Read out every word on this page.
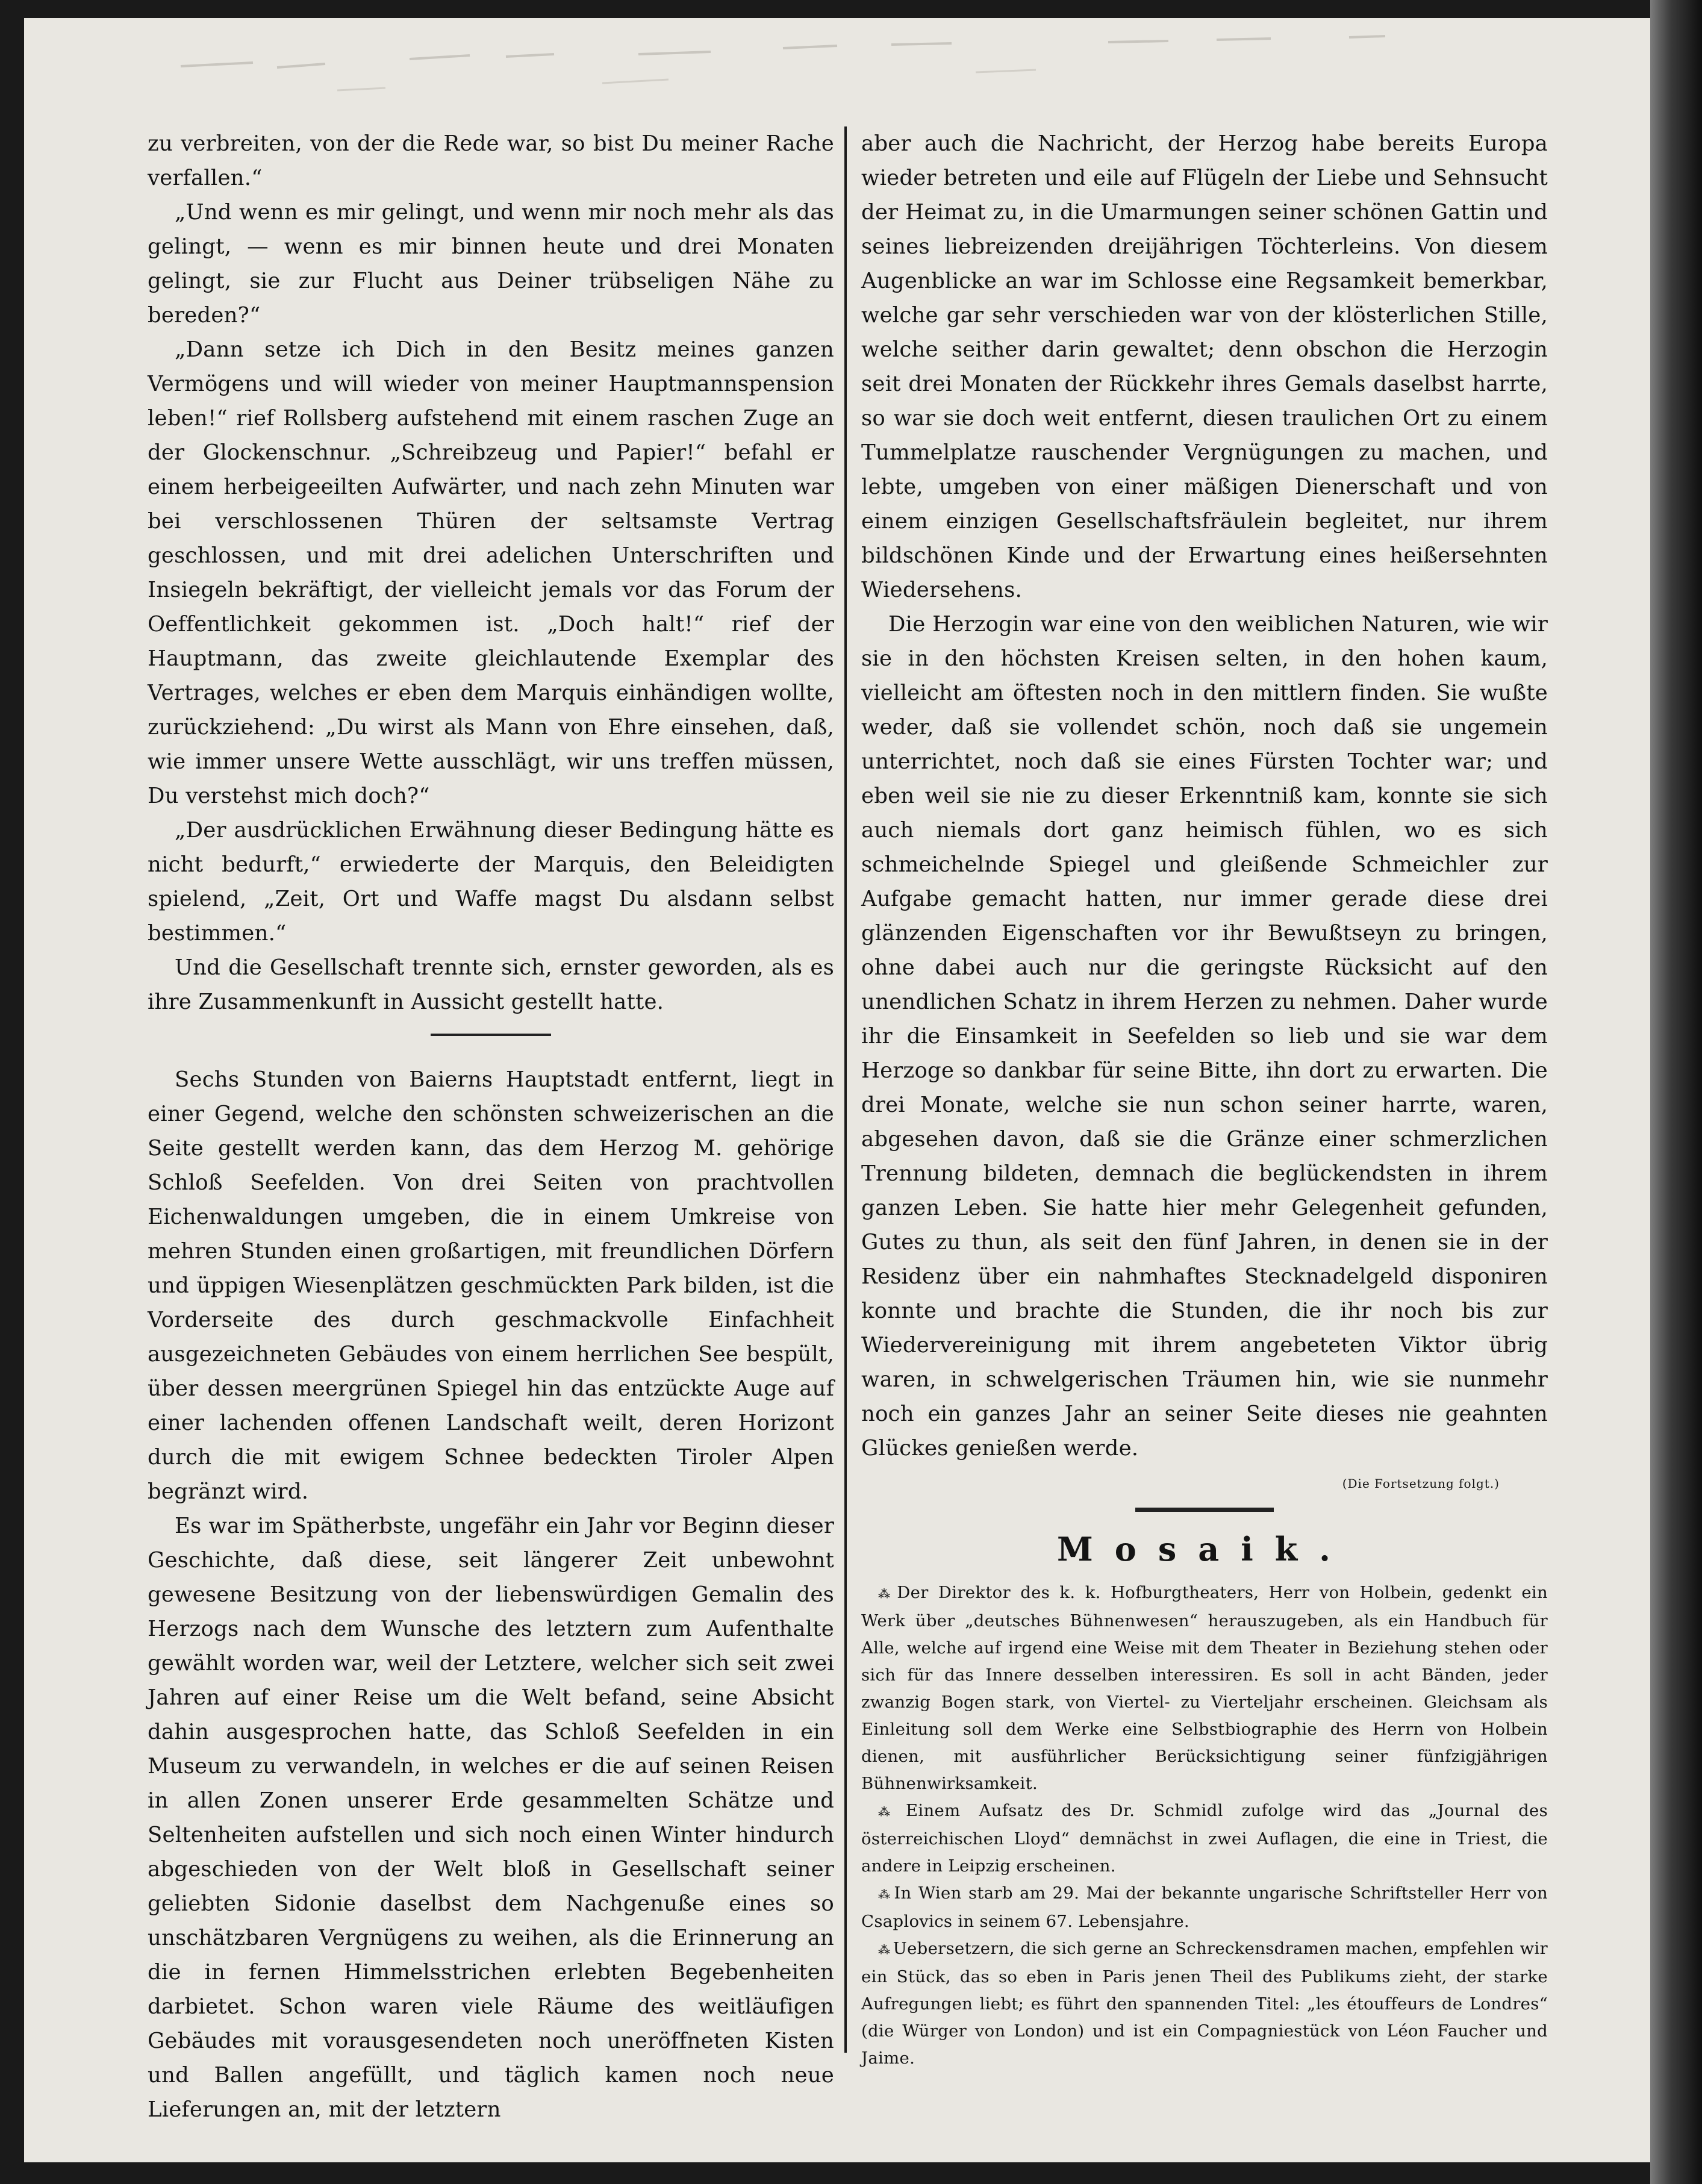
zu verbreiten, von der die Rede war, so bist Du meiner Rache verfallen.“

„Und wenn es mir gelingt, und wenn mir noch mehr als das gelingt, — wenn es mir binnen heute und drei Monaten gelingt, sie zur Flucht aus Deiner trübseligen Nähe zu bereden?“

„Dann setze ich Dich in den Besitz meines ganzen Vermögens und will wieder von meiner Hauptmannspension leben!“ rief Rollsberg aufstehend mit einem raschen Zuge an der Glockenschnur. „Schreibzeug und Papier!“ befahl er einem herbeigeeilten Aufwärter, und nach zehn Minuten war bei verschlossenen Thüren der seltsamste Vertrag geschlossen, und mit drei adelichen Unterschriften und Insiegeln bekräftigt, der vielleicht jemals vor das Forum der Oeffentlichkeit gekommen ist. „Doch halt!“ rief der Hauptmann, das zweite gleichlautende Exemplar des Vertrages, welches er eben dem Marquis einhändigen wollte, zurückziehend: „Du wirst als Mann von Ehre einsehen, daß, wie immer unsere Wette ausschlägt, wir uns treffen müssen, Du verstehst mich doch?“

„Der ausdrücklichen Erwähnung dieser Bedingung hätte es nicht bedurft,“ erwiederte der Marquis, den Beleidigten spielend, „Zeit, Ort und Waffe magst Du alsdann selbst bestimmen.“

Und die Gesellschaft trennte sich, ernster geworden, als es ihre Zusammenkunft in Aussicht gestellt hatte.

Sechs Stunden von Baierns Hauptstadt entfernt, liegt in einer Gegend, welche den schönsten schweizerischen an die Seite gestellt werden kann, das dem Herzog M. gehörige Schloß Seefelden. Von drei Seiten von prachtvollen Eichenwaldungen umgeben, die in einem Umkreise von mehren Stunden einen großartigen, mit freundlichen Dörfern und üppigen Wiesenplätzen geschmückten Park bilden, ist die Vorderseite des durch geschmackvolle Einfachheit ausgezeichneten Gebäudes von einem herrlichen See bespült, über dessen meergrünen Spiegel hin das entzückte Auge auf einer lachenden offenen Landschaft weilt, deren Horizont durch die mit ewigem Schnee bedeckten Tiroler Alpen begränzt wird.

Es war im Spätherbste, ungefähr ein Jahr vor Beginn dieser Geschichte, daß diese, seit längerer Zeit unbewohnt gewesene Besitzung von der liebenswürdigen Gemalin des Herzogs nach dem Wunsche des letztern zum Aufenthalte gewählt worden war, weil der Letztere, welcher sich seit zwei Jahren auf einer Reise um die Welt befand, seine Absicht dahin ausgesprochen hatte, das Schloß Seefelden in ein Museum zu verwandeln, in welches er die auf seinen Reisen in allen Zonen unserer Erde gesammelten Schätze und Seltenheiten aufstellen und sich noch einen Winter hindurch abgeschieden von der Welt bloß in Gesellschaft seiner geliebten Sidonie daselbst dem Nachgenuße eines so unschätzbaren Vergnügens zu weihen, als die Erinnerung an die in fernen Himmelsstrichen erlebten Begebenheiten darbietet. Schon waren viele Räume des weitläufigen Gebäudes mit vorausgesendeten noch uneröffneten Kisten und Ballen angefüllt, und täglich kamen noch neue Lieferungen an, mit der letztern

aber auch die Nachricht, der Herzog habe bereits Europa wieder betreten und eile auf Flügeln der Liebe und Sehnsucht der Heimat zu, in die Umarmungen seiner schönen Gattin und seines liebreizenden dreijährigen Töchterleins. Von diesem Augenblicke an war im Schlosse eine Regsamkeit bemerkbar, welche gar sehr verschieden war von der klösterlichen Stille, welche seither darin gewaltet; denn obschon die Herzogin seit drei Monaten der Rückkehr ihres Gemals daselbst harrte, so war sie doch weit entfernt, diesen traulichen Ort zu einem Tummelplatze rauschender Vergnügungen zu machen, und lebte, umgeben von einer mäßigen Dienerschaft und von einem einzigen Gesellschaftsfräulein begleitet, nur ihrem bildschönen Kinde und der Erwartung eines heißersehnten Wiedersehens.

Die Herzogin war eine von den weiblichen Naturen, wie wir sie in den höchsten Kreisen selten, in den hohen kaum, vielleicht am öftesten noch in den mittlern finden. Sie wußte weder, daß sie vollendet schön, noch daß sie ungemein unterrichtet, noch daß sie eines Fürsten Tochter war; und eben weil sie nie zu dieser Erkenntniß kam, konnte sie sich auch niemals dort ganz heimisch fühlen, wo es sich schmeichelnde Spiegel und gleißende Schmeichler zur Aufgabe gemacht hatten, nur immer gerade diese drei glänzenden Eigenschaften vor ihr Bewußtseyn zu bringen, ohne dabei auch nur die geringste Rücksicht auf den unendlichen Schatz in ihrem Herzen zu nehmen. Daher wurde ihr die Einsamkeit in Seefelden so lieb und sie war dem Herzoge so dankbar für seine Bitte, ihn dort zu erwarten. Die drei Monate, welche sie nun schon seiner harrte, waren, abgesehen davon, daß sie die Gränze einer schmerzlichen Trennung bildeten, demnach die beglückendsten in ihrem ganzen Leben. Sie hatte hier mehr Gelegenheit gefunden, Gutes zu thun, als seit den fünf Jahren, in denen sie in der Residenz über ein nahmhaftes Stecknadelgeld disponiren konnte und brachte die Stunden, die ihr noch bis zur Wiedervereinigung mit ihrem angebeteten Viktor übrig waren, in schwelgerischen Träumen hin, wie sie nunmehr noch ein ganzes Jahr an seiner Seite dieses nie geahnten Glückes genießen werde.

(Die Fortsetzung folgt.)
Mosaik.

⁂ Der Direktor des k. k. Hofburgtheaters, Herr von Holbein, gedenkt ein Werk über „deutsches Bühnenwesen“ herauszugeben, als ein Handbuch für Alle, welche auf irgend eine Weise mit dem Theater in Beziehung stehen oder sich für das Innere desselben interessiren. Es soll in acht Bänden, jeder zwanzig Bogen stark, von Viertel- zu Vierteljahr erscheinen. Gleichsam als Einleitung soll dem Werke eine Selbstbiographie des Herrn von Holbein dienen, mit ausführlicher Berücksichtigung seiner fünfzigjährigen Bühnenwirksamkeit.

⁂ Einem Aufsatz des Dr. Schmidl zufolge wird das „Journal des österreichischen Lloyd“ demnächst in zwei Auflagen, die eine in Triest, die andere in Leipzig erscheinen.

⁂ In Wien starb am 29. Mai der bekannte ungarische Schriftsteller Herr von Csaplovics in seinem 67. Lebensjahre.

⁂ Uebersetzern, die sich gerne an Schreckensdramen machen, empfehlen wir ein Stück, das so eben in Paris jenen Theil des Publikums zieht, der starke Aufregungen liebt; es führt den spannenden Titel: „les étouffeurs de Londres“ (die Würger von London) und ist ein Compagniestück von Léon Faucher und Jaime.
